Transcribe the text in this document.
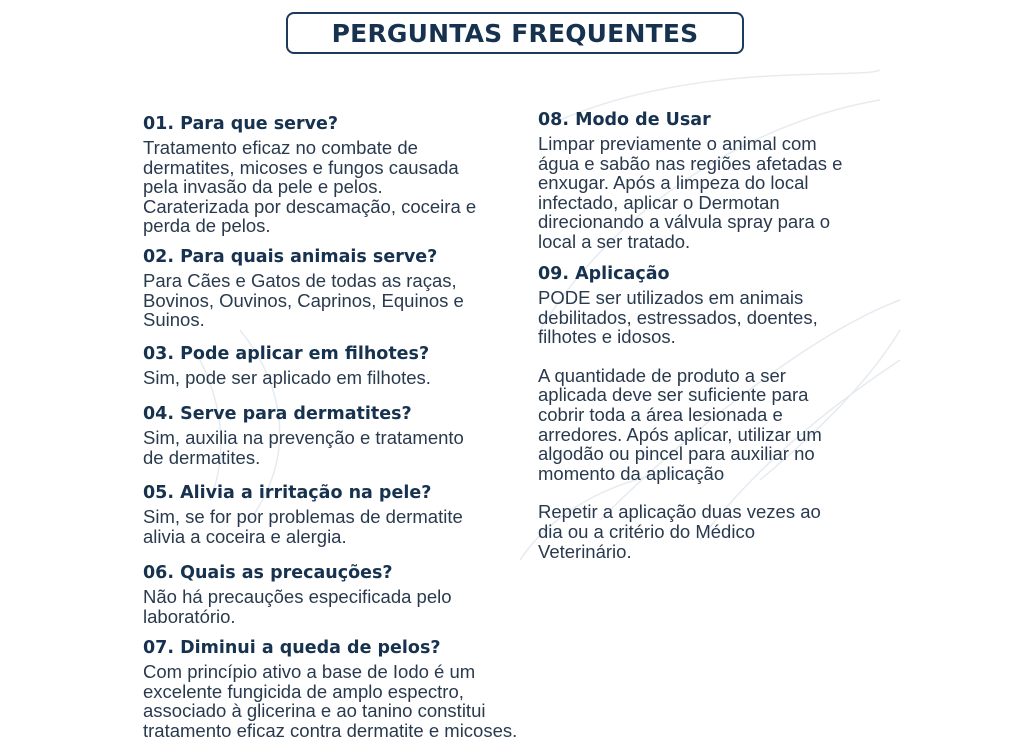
PERGUNTAS FREQUENTES
01. Para que serve?
Tratamento eficaz no combate de
dermatites, micoses e fungos causada
pela invasão da pele e pelos.
Caraterizada por descamação, coceira e
perda de pelos.
02. Para quais animais serve?
Para Cães e Gatos de todas as raças,
Bovinos, Ouvinos, Caprinos, Equinos e
Suinos.
03. Pode aplicar em filhotes?
Sim, pode ser aplicado em filhotes.
04. Serve para dermatites?
Sim, auxilia na prevenção e tratamento
de dermatites.
05. Alivia a irritação na pele?
Sim, se for por problemas de dermatite
alivia a coceira e alergia.
06. Quais as precauções?
Não há precauções especificada pelo
laboratório.
07. Diminui a queda de pelos?
Com princípio ativo a base de Iodo é um
excelente fungicida de amplo espectro,
associado à glicerina e ao tanino constitui
tratamento eficaz contra dermatite e micoses.
08. Modo de Usar
Limpar previamente o animal com
água e sabão nas regiões afetadas e
enxugar. Após a limpeza do local
infectado, aplicar o Dermotan
direcionando a válvula spray para o
local a ser tratado.
09. Aplicação
PODE ser utilizados em animais
debilitados, estressados, doentes,
filhotes e idosos.
A quantidade de produto a ser
aplicada deve ser suficiente para
cobrir toda a área lesionada e
arredores. Após aplicar, utilizar um
algodão ou pincel para auxiliar no
momento da aplicação
Repetir a aplicação duas vezes ao
dia ou a critério do Médico
Veterinário.
